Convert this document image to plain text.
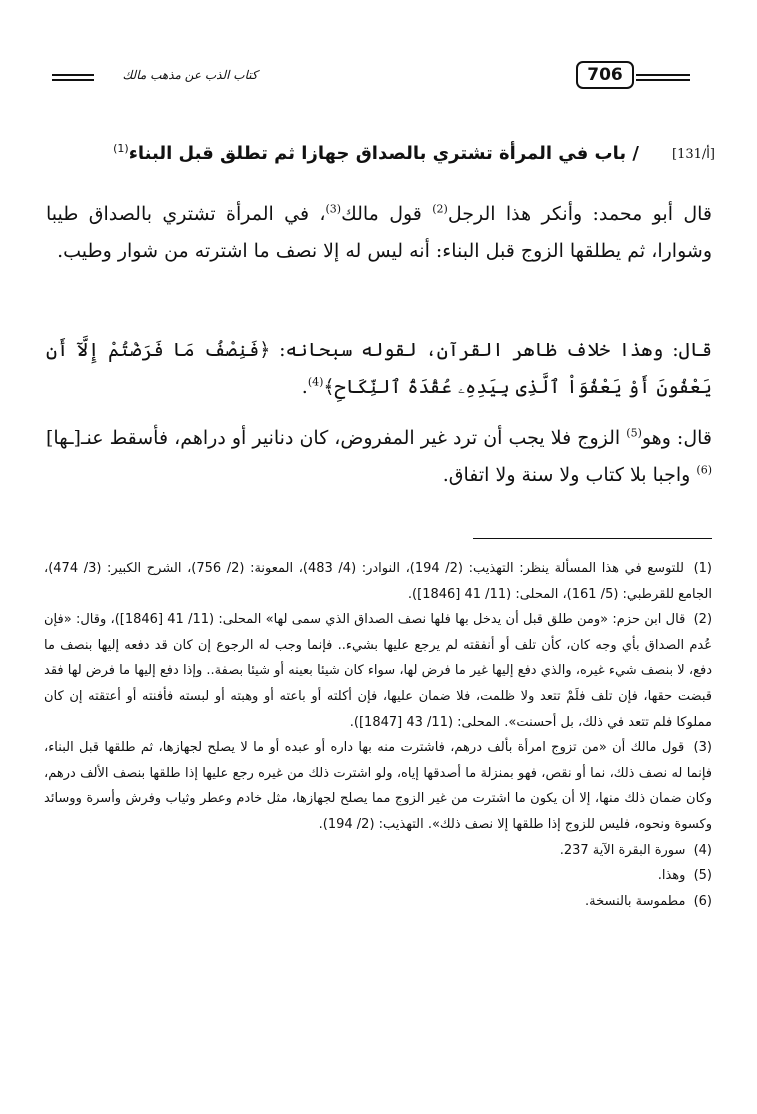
706
كتاب الذب عن مذهب مالك
[131/أ]
/ باب في المرأة تشتري بالصداق جهازا ثم تطلق قبل البناء$^{(1)}$

قال أبو محمد: وأنكر هذا الرجل$^{(2)}$ قول مالك$^{(3)}$، في المرأة تشتري بالصداق طيبا وشوارا، ثم يطلقها الزوج قبل البناء: أنه ليس له إلا نصف ما اشترته من شوار وطيب.

قال: وهذا خلاف ظاهر القرآن، لقوله سبحانه: ﴿فَنِصْفُ مَا فَرَضْتُمْ إِلَّآ أَن يَعْفُونَ أَوْ يَعْفُوَاْ ٱلَّذِى بِيَدِهِۦ عُقْدَةُ ٱلنِّكَاحِ﴾$^{(4)}$.

قال: وهو$^{(5)}$ الزوج فلا يجب أن ترد غير المفروض، كان دنانير أو دراهم، فأسقط عنـ[ـها]$^{(6)}$ واجبا بلا كتاب ولا سنة ولا اتفاق.

(1) للتوسع في هذا المسألة ينظر: التهذيب: (2/ 194)، النوادر: (4/ 483)، المعونة: (2/ 756)، الشرح الكبير: (3/ 474)، الجامع للقرطبي: (5/ 161)، المحلى: (11/ 41 [1846]).

(2) قال ابن حزم: «ومن طلق قبل أن يدخل بها فلها نصف الصداق الذي سمى لها» المحلى: (11/ 41 [1846])، وقال: «فإن عُدم الصداق بأي وجه كان، كأن تلف أو أنفقته لم يرجع عليها بشيء.. فإنما وجب له الرجوع إن كان قد دفعه إليها بنصف ما دفع، لا بنصف شيء غيره، والذي دفع إليها غير ما فرض لها، سواء كان شيئا بعينه أو شيئا بصفة.. وإذا دفع إليها ما فرض لها فقد قبضت حقها، فإن تلف فلَمْ تتعد ولا ظلمت، فلا ضمان عليها، فإن أكلته أو باعته أو وهبته أو لبسته فأفنته أو أعتقته إن كان مملوكا فلم تتعد في ذلك، بل أحسنت». المحلى: (11/ 43 [1847]).

(3) قول مالك أن «من تزوج امرأة بألف درهم، فاشترت منه بها داره أو عبده أو ما لا يصلح لجهازها، ثم طلقها قبل البناء، فإنما له نصف ذلك، نما أو نقص، فهو بمنزلة ما أصدقها إياه، ولو اشترت ذلك من غيره رجع عليها إذا طلقها بنصف الألف درهم، وكان ضمان ذلك منها، إلا أن يكون ما اشترت من غير الزوج مما يصلح لجهازها، مثل خادم وعطر وثياب وفرش وأسرة ووسائد وكسوة ونحوه، فليس للزوج إذا طلقها إلا نصف ذلك». التهذيب: (2/ 194).

(4) سورة البقرة الآية 237.

(5) وهذا.

(6) مطموسة بالنسخة.
